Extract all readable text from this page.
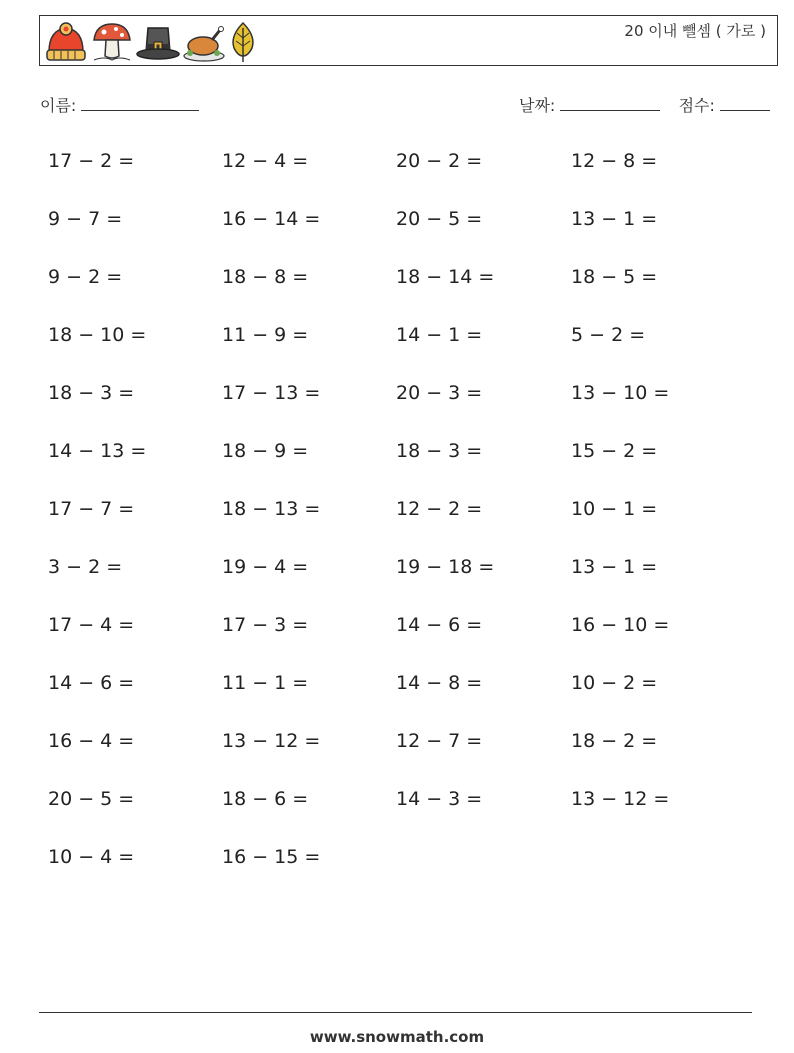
20 이내 뺄셈 ( 가로 )
이름:	날짜:	점수:
17 − 2 =	12 − 4 =	20 − 2 =	12 − 8 =
9 − 7 =	16 − 14 =	20 − 5 =	13 − 1 =
9 − 2 =	18 − 8 =	18 − 14 =	18 − 5 =
18 − 10 =	11 − 9 =	14 − 1 =	5 − 2 =
18 − 3 =	17 − 13 =	20 − 3 =	13 − 10 =
14 − 13 =	18 − 9 =	18 − 3 =	15 − 2 =
17 − 7 =	18 − 13 =	12 − 2 =	10 − 1 =
3 − 2 =	19 − 4 =	19 − 18 =	13 − 1 =
17 − 4 =	17 − 3 =	14 − 6 =	16 − 10 =
14 − 6 =	11 − 1 =	14 − 8 =	10 − 2 =
16 − 4 =	13 − 12 =	12 − 7 =	18 − 2 =
20 − 5 =	18 − 6 =	14 − 3 =	13 − 12 =
10 − 4 =	16 − 15 =
www.snowmath.com
